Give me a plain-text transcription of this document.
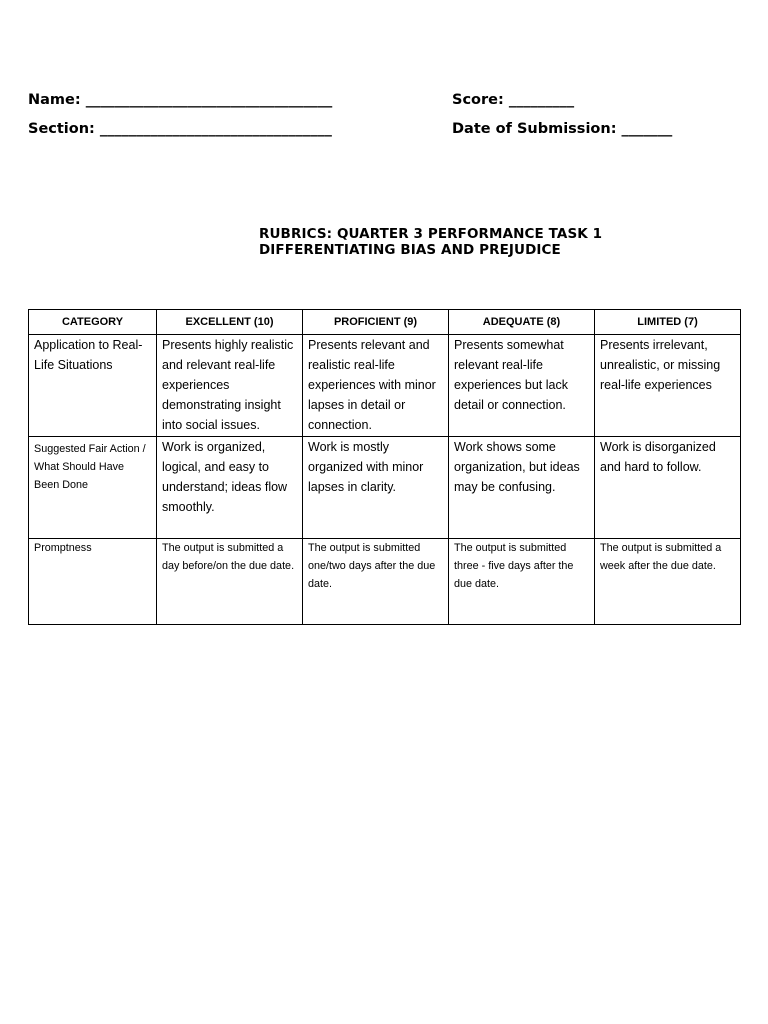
Name: __________________________________	Score: _________
Section: ________________________________	Date of Submission: _______
RUBRICS: QUARTER 3 PERFORMANCE TASK 1
DIFFERENTIATING BIAS AND PREJUDICE
CATEGORY	EXCELLENT (10)	PROFICIENT (9)	ADEQUATE (8)	LIMITED (7)
Application to Real-Life Situations	Presents highly realistic and relevant real-life experiences demonstrating insight into social issues.	Presents relevant and realistic real-life experiences with minor lapses in detail or connection.	Presents somewhat relevant real-life experiences but lack detail or connection.	Presents irrelevant, unrealistic, or missing real-life experiences
Suggested Fair Action / What Should Have Been Done	Work is organized, logical, and easy to understand; ideas flow smoothly.	Work is mostly organized with minor lapses in clarity.	Work shows some organization, but ideas may be confusing.	Work is disorganized and hard to follow.
Promptness	The output is submitted a day before/on the due date.	The output is submitted one/two days after the due date.	The output is submitted three - five days after the due date.	The output is submitted a week after the due date.
